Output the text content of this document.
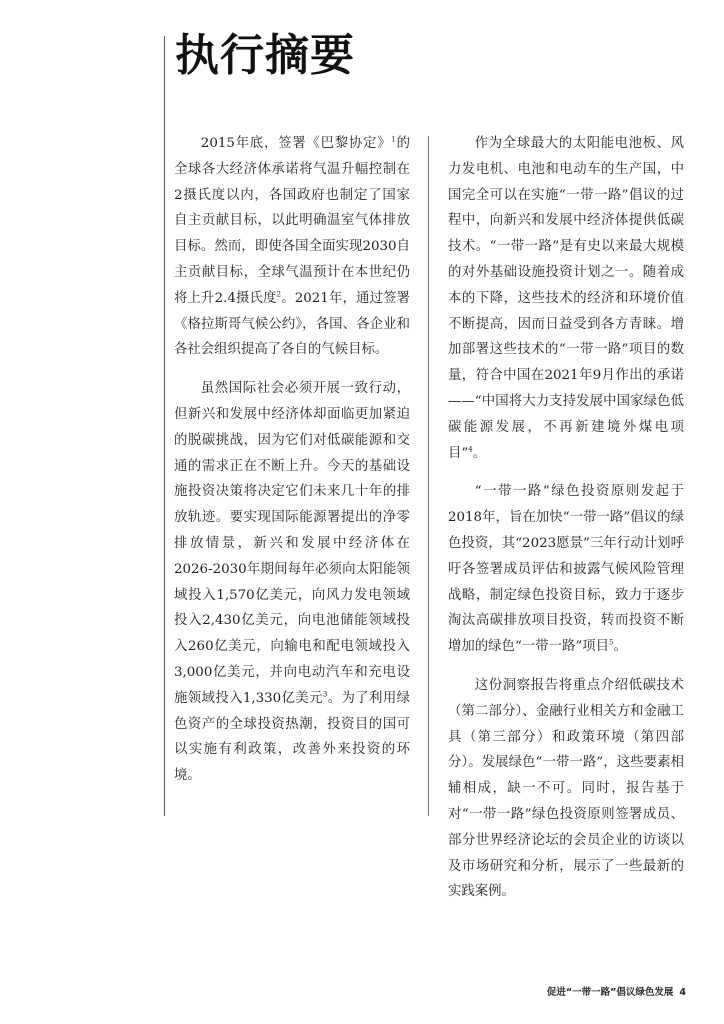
执行摘要

2015年底，签署《巴黎协定》$^1$的全球各大经济体承诺将气温升幅控制在2摄氏度以内，各国政府也制定了国家自主贡献目标，以此明确温室气体排放目标。然而，即使各国全面实现2030自主贡献目标，全球气温预计在本世纪仍将上升2.4摄氏度$^2$。2021年，通过签署《格拉斯哥气候公约》，各国、各企业和各社会组织提高了各自的气候目标。

虽然国际社会必须开展一致行动，但新兴和发展中经济体却面临更加紧迫的脱碳挑战，因为它们对低碳能源和交通的需求正在不断上升。今天的基础设施投资决策将决定它们未来几十年的排放轨迹。要实现国际能源署提出的净零排放情景，新兴和发展中经济体在2026-2030年期间每年必须向太阳能领域投入1,570亿美元，向风力发电领域投入2,430亿美元，向电池储能领域投入260亿美元，向输电和配电领域投入3,000亿美元，并向电动汽车和充电设施领域投入1,330亿美元$^3$。为了利用绿色资产的全球投资热潮，投资目的国可以实施有利政策，改善外来投资的环境。

作为全球最大的太阳能电池板、风力发电机、电池和电动车的生产国，中国完全可以在实施“一带一路”倡议的过程中，向新兴和发展中经济体提供低碳技术。“一带一路”是有史以来最大规模的对外基础设施投资计划之一。随着成本的下降，这些技术的经济和环境价值不断提高，因而日益受到各方青睐。增加部署这些技术的“一带一路”项目的数量，符合中国在2021年9月作出的承诺——“中国将大力支持发展中国家绿色低碳能源发展，不再新建境外煤电项目”$^4$。

“一带一路”绿色投资原则发起于2018年，旨在加快“一带一路”倡议的绿色投资，其“2023愿景”三年行动计划呼吁各签署成员评估和披露气候风险管理战略，制定绿色投资目标，致力于逐步淘汰高碳排放项目投资，转而投资不断增加的绿色“一带一路”项目$^5$。

这份洞察报告将重点介绍低碳技术（第二部分）、金融行业相关方和金融工具（第三部分）和政策环境（第四部分）。发展绿色“一带一路”，这些要素相辅相成，缺一不可。同时，报告基于对“一带一路”绿色投资原则签署成员、部分世界经济论坛的会员企业的访谈以及市场研究和分析，展示了一些最新的实践案例。

促进“一带一路”倡议绿色发展 4
